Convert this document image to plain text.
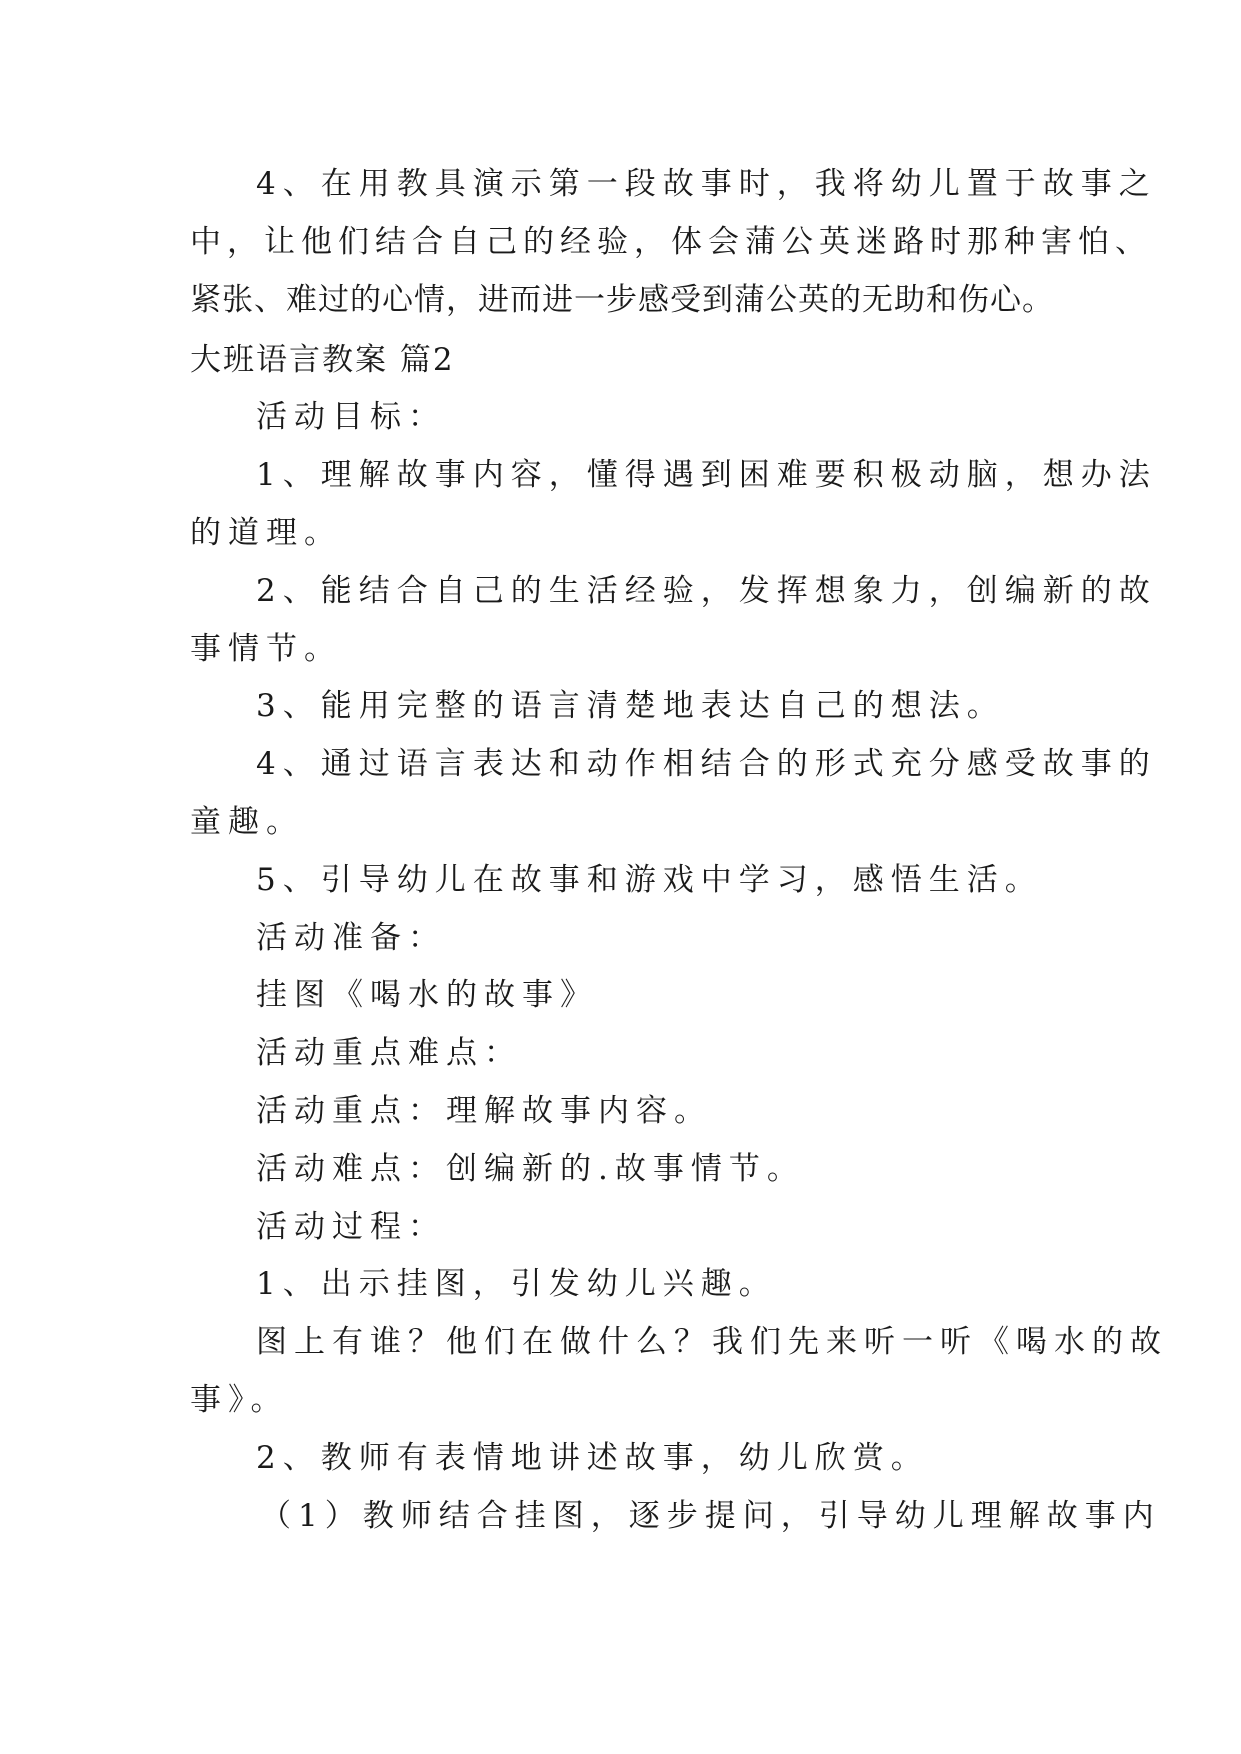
4、在用教具演示第一段故事时，我将幼儿置于故事之
中，让他们结合自己的经验，体会蒲公英迷路时那种害怕、
紧张、难过的心情，进而进一步感受到蒲公英的无助和伤心。
大班语言教案 篇2
活动目标：
1、理解故事内容，懂得遇到困难要积极动脑，想办法
的道理。
2、能结合自己的生活经验，发挥想象力，创编新的故
事情节。
3、能用完整的语言清楚地表达自己的想法。
4、通过语言表达和动作相结合的形式充分感受故事的
童趣。
5、引导幼儿在故事和游戏中学习，感悟生活。
活动准备：
挂图《喝水的故事》
活动重点难点：
活动重点：理解故事内容。
活动难点：创编新的.故事情节。
活动过程：
1、出示挂图，引发幼儿兴趣。
图上有谁？他们在做什么？我们先来听一听《喝水的故
事》。
2、教师有表情地讲述故事，幼儿欣赏。
（1）教师结合挂图，逐步提问，引导幼儿理解故事内
